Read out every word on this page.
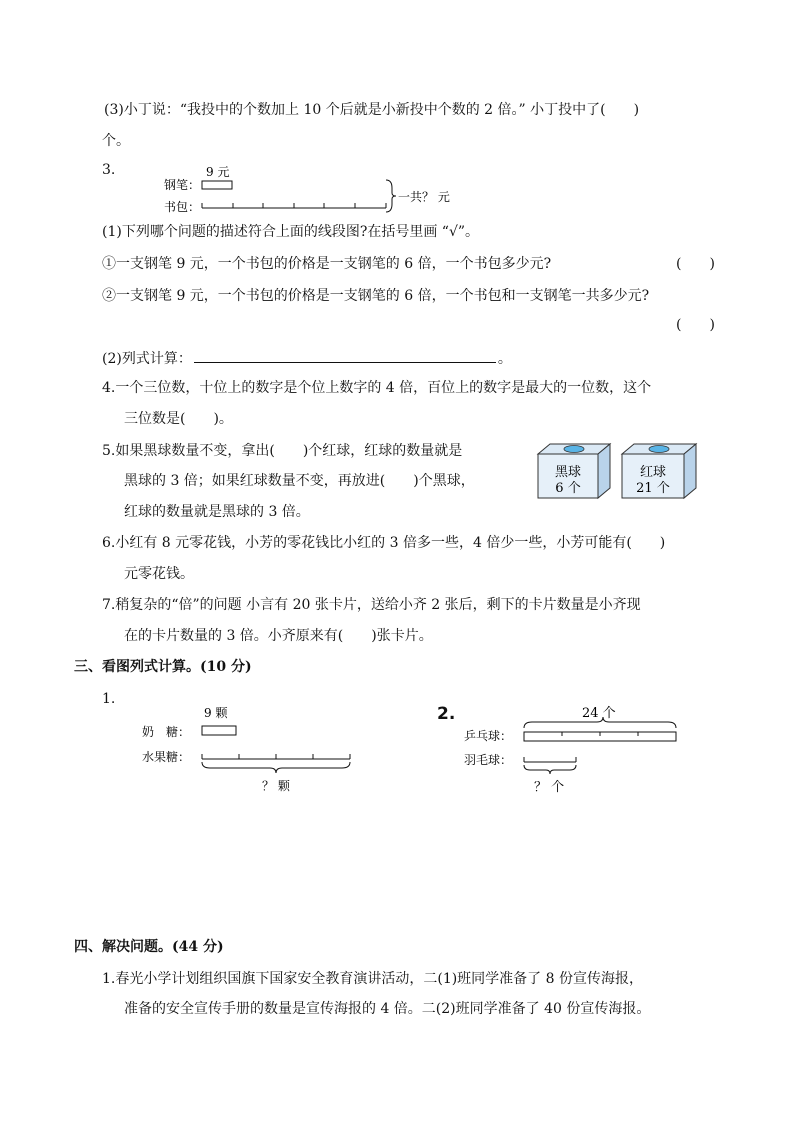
(3)小丁说：“我投中的个数加上 10 个后就是小新投中个数的 2 倍。” 小丁投中了(　　)
个。
3.	9 元
钢笔：
书包：
一共？ 元
(1)下列哪个问题的描述符合上面的线段图?在括号里画 “√”。
①一支钢笔 9 元，一个书包的价格是一支钢笔的 6 倍，一个书包多少元?	(　　)
②一支钢笔 9 元，一个书包的价格是一支钢笔的 6 倍，一个书包和一支钢笔一共多少元?
(　　)
(2)列式计算：	。
4.一个三位数，十位上的数字是个位上数字的 4 倍，百位上的数字是最大的一位数，这个
三位数是(　　)。
5.如果黑球数量不变，拿出(　　)个红球，红球的数量就是
黑球的 3 倍；如果红球数量不变，再放进(　　)个黑球，
红球的数量就是黑球的 3 倍。
黑球
6 个
红球
21 个
6.小红有 8 元零花钱，小芳的零花钱比小红的 3 倍多一些，4 倍少一些，小芳可能有(　　)
元零花钱。
7.稍复杂的“倍”的问题 小言有 20 张卡片，送给小齐 2 张后，剩下的卡片数量是小齐现
在的卡片数量的 3 倍。小齐原来有(　　)张卡片。
三、看图列式计算。(10 分)
1.
9 颗
奶　糖：
水果糖：
？ 颗
2.	24 个
乒乓球：
羽毛球：
？ 个
四、解决问题。(44 分)
1.春光小学计划组织国旗下国家安全教育演讲活动，二(1)班同学准备了 8 份宣传海报，
准备的安全宣传手册的数量是宣传海报的 4 倍。二(2)班同学准备了 40 份宣传海报。
